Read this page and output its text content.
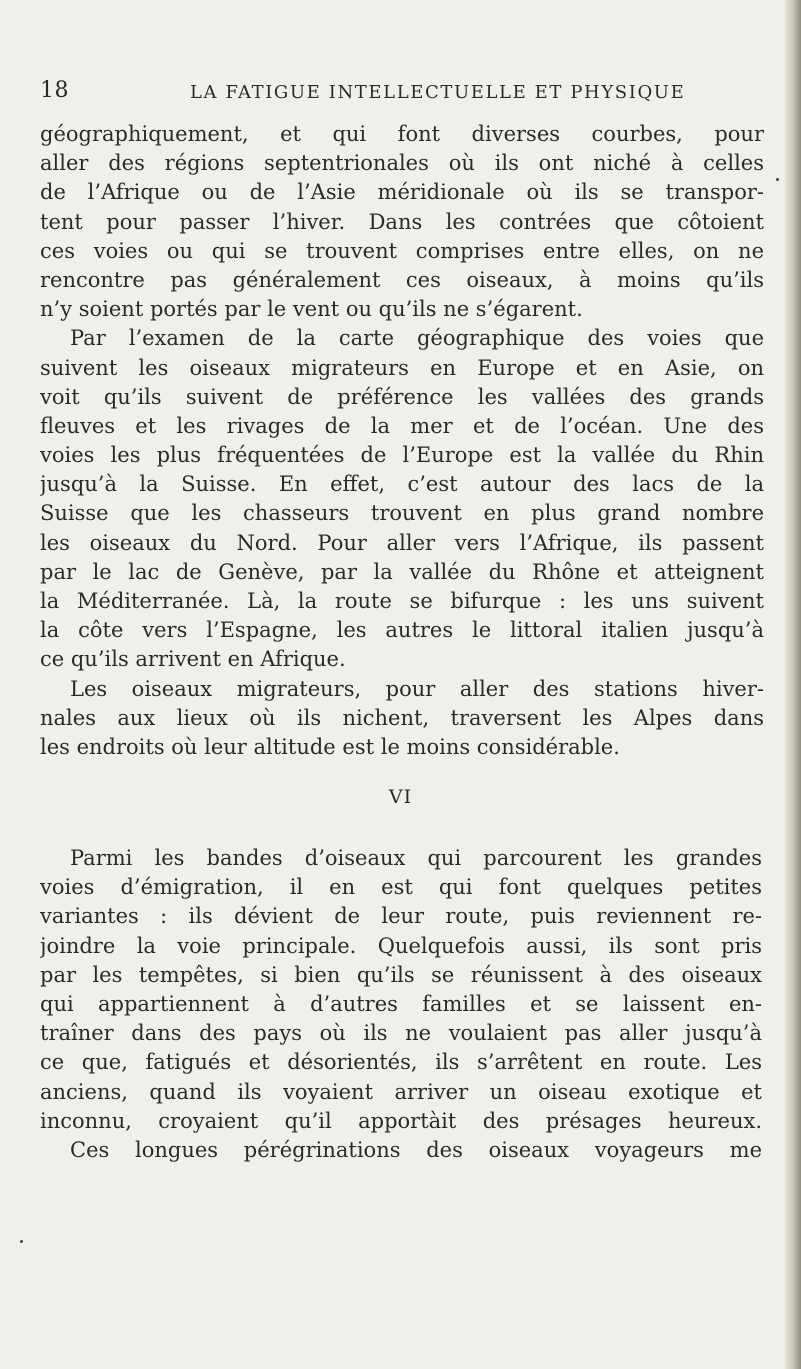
18	LA FATIGUE INTELLECTUELLE ET PHYSIQUE
géographiquement, et qui font diverses courbes, pour
aller des régions septentrionales où ils ont niché à celles
de l’Afrique ou de l’Asie méridionale où ils se transpor-
tent pour passer l’hiver. Dans les contrées que côtoient
ces voies ou qui se trouvent comprises entre elles, on ne
rencontre pas généralement ces oiseaux, à moins qu’ils
n’y soient portés par le vent ou qu’ils ne s’égarent.
Par l’examen de la carte géographique des voies que
suivent les oiseaux migrateurs en Europe et en Asie, on
voit qu’ils suivent de préférence les vallées des grands
fleuves et les rivages de la mer et de l’océan. Une des
voies les plus fréquentées de l’Europe est la vallée du Rhin
jusqu’à la Suisse. En effet, c’est autour des lacs de la
Suisse que les chasseurs trouvent en plus grand nombre
les oiseaux du Nord. Pour aller vers l’Afrique, ils passent
par le lac de Genève, par la vallée du Rhône et atteignent
la Méditerranée. Là, la route se bifurque : les uns suivent
la côte vers l’Espagne, les autres le littoral italien jusqu’à
ce qu’ils arrivent en Afrique.
Les oiseaux migrateurs, pour aller des stations hiver-
nales aux lieux où ils nichent, traversent les Alpes dans
les endroits où leur altitude est le moins considérable.
VI
Parmi les bandes d’oiseaux qui parcourent les grandes
voies d’émigration, il en est qui font quelques petites
variantes : ils dévient de leur route, puis reviennent re-
joindre la voie principale. Quelquefois aussi, ils sont pris
par les tempêtes, si bien qu’ils se réunissent à des oiseaux
qui appartiennent à d’autres familles et se laissent en-
traîner dans des pays où ils ne voulaient pas aller jusqu’à
ce que, fatigués et désorientés, ils s’arrêtent en route. Les
anciens, quand ils voyaient arriver un oiseau exotique et
inconnu, croyaient qu’il apportàit des présages heureux.
Ces longues pérégrinations des oiseaux voyageurs me
